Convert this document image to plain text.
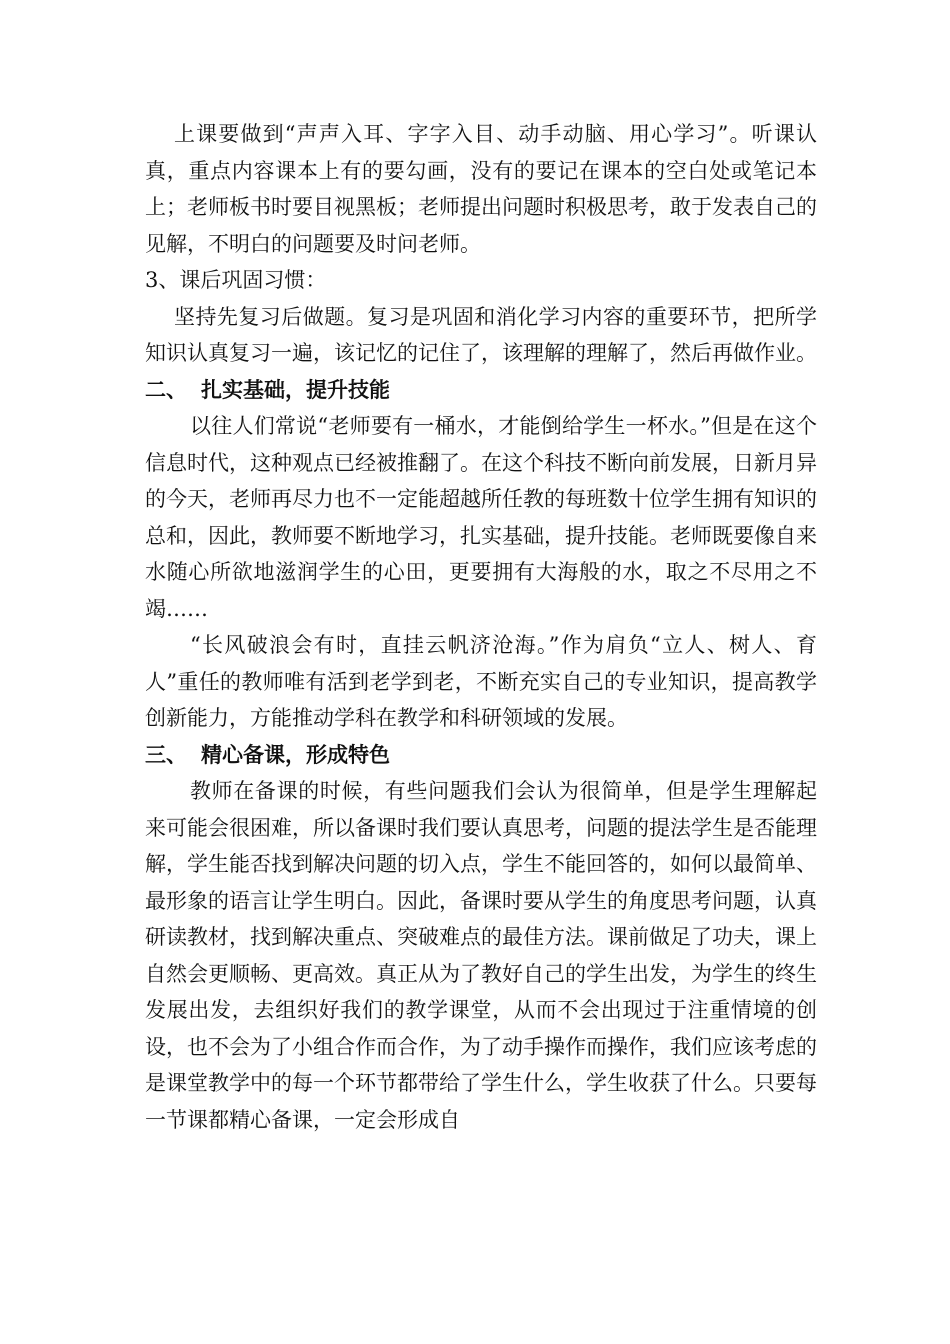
上课要做到“声声入耳、字字入目、动手动脑、用心学习”。听课认真，重点内容课本上有的要勾画，没有的要记在课本的空白处或笔记本上；老师板书时要目视黑板；老师提出问题时积极思考，敢于发表自己的见解，不明白的问题要及时问老师。

3、课后巩固习惯：

坚持先复习后做题。复习是巩固和消化学习内容的重要环节，把所学知识认真复习一遍，该记忆的记住了，该理解的理解了，然后再做作业。

二、 扎实基础，提升技能

以往人们常说“老师要有一桶水，才能倒给学生一杯水。”但是在这个信息时代，这种观点已经被推翻了。在这个科技不断向前发展，日新月异的今天，老师再尽力也不一定能超越所任教的每班数十位学生拥有知识的总和，因此，教师要不断地学习，扎实基础，提升技能。老师既要像自来水随心所欲地滋润学生的心田，更要拥有大海般的水，取之不尽用之不竭……

“长风破浪会有时，直挂云帆济沧海。”作为肩负“立人、树人、育人”重任的教师唯有活到老学到老，不断充实自己的专业知识，提高教学创新能力，方能推动学科在教学和科研领域的发展。

三、 精心备课，形成特色

教师在备课的时候，有些问题我们会认为很简单，但是学生理解起来可能会很困难，所以备课时我们要认真思考，问题的提法学生是否能理解，学生能否找到解决问题的切入点，学生不能回答的，如何以最简单、最形象的语言让学生明白。因此，备课时要从学生的角度思考问题，认真研读教材，找到解决重点、突破难点的最佳方法。课前做足了功夫，课上自然会更顺畅、更高效。真正从为了教好自己的学生出发，为学生的终生发展出发，去组织好我们的教学课堂，从而不会出现过于注重情境的创设，也不会为了小组合作而合作，为了动手操作而操作，我们应该考虑的是课堂教学中的每一个环节都带给了学生什么，学生收获了什么。只要每一节课都精心备课，一定会形成自
